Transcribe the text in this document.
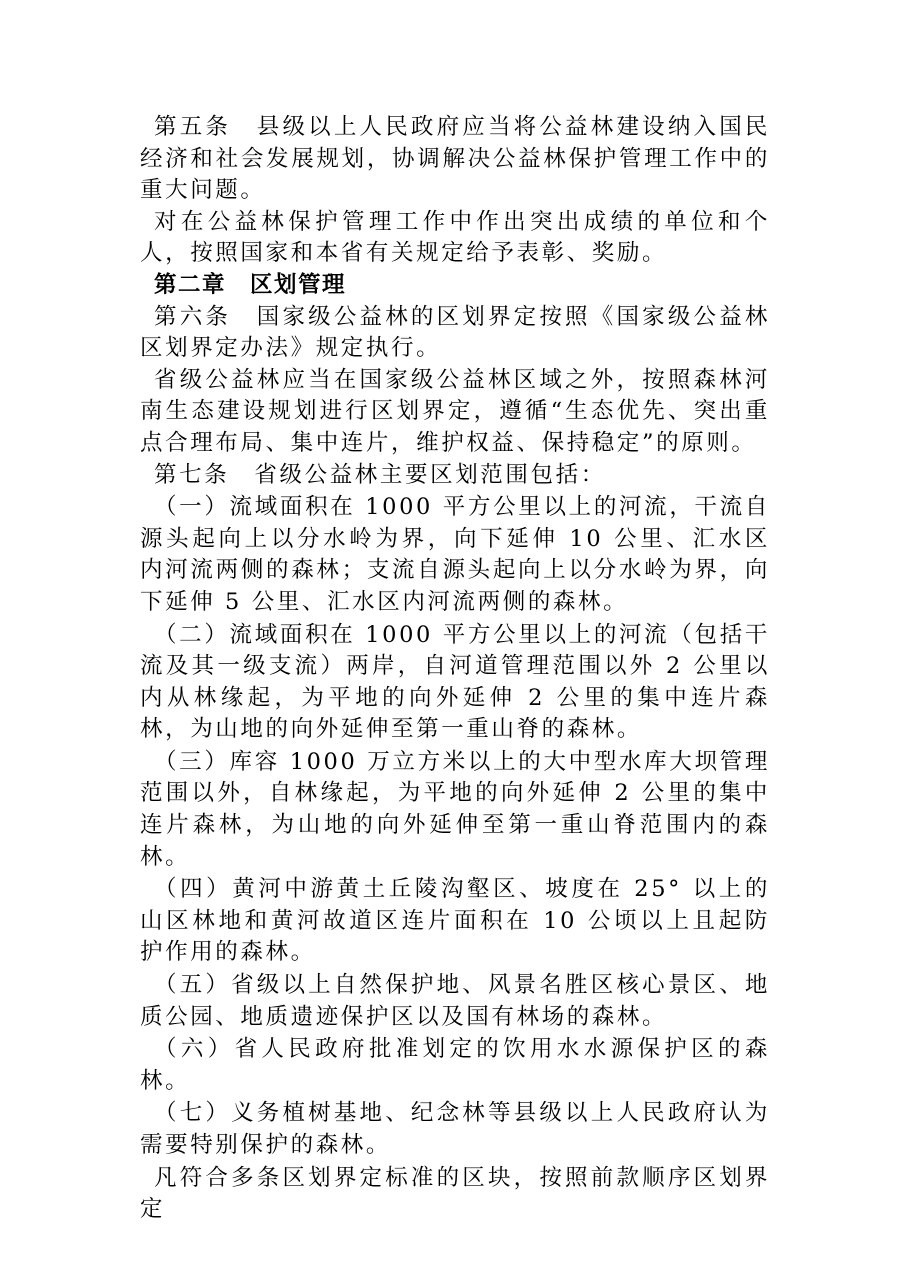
第五条　县级以上人民政府应当将公益林建设纳入国民经济和社会发展规划，协调解决公益林保护管理工作中的重大问题。

对在公益林保护管理工作中作出突出成绩的单位和个人，按照国家和本省有关规定给予表彰、奖励。

第二章　区划管理

第六条　国家级公益林的区划界定按照《国家级公益林区划界定办法》规定执行。

省级公益林应当在国家级公益林区域之外，按照森林河南生态建设规划进行区划界定，遵循“生态优先、突出重点合理布局、集中连片，维护权益、保持稳定”的原则。

第七条　省级公益林主要区划范围包括：

（一）流域面积在 1000 平方公里以上的河流，干流自源头起向上以分水岭为界，向下延伸 10 公里、汇水区内河流两侧的森林；支流自源头起向上以分水岭为界，向下延伸 5 公里、汇水区内河流两侧的森林。

（二）流域面积在 1000 平方公里以上的河流（包括干流及其一级支流）两岸，自河道管理范围以外 2 公里以内从林缘起，为平地的向外延伸 2 公里的集中连片森林，为山地的向外延伸至第一重山脊的森林。

（三）库容 1000 万立方米以上的大中型水库大坝管理范围以外，自林缘起，为平地的向外延伸 2 公里的集中连片森林，为山地的向外延伸至第一重山脊范围内的森林。

（四）黄河中游黄土丘陵沟壑区、坡度在 25° 以上的山区林地和黄河故道区连片面积在 10 公顷以上且起防护作用的森林。

（五）省级以上自然保护地、风景名胜区核心景区、地质公园、地质遗迹保护区以及国有林场的森林。

（六）省人民政府批准划定的饮用水水源保护区的森林。

（七）义务植树基地、纪念林等县级以上人民政府认为需要特别保护的森林。

凡符合多条区划界定标准的区块，按照前款顺序区划界定
